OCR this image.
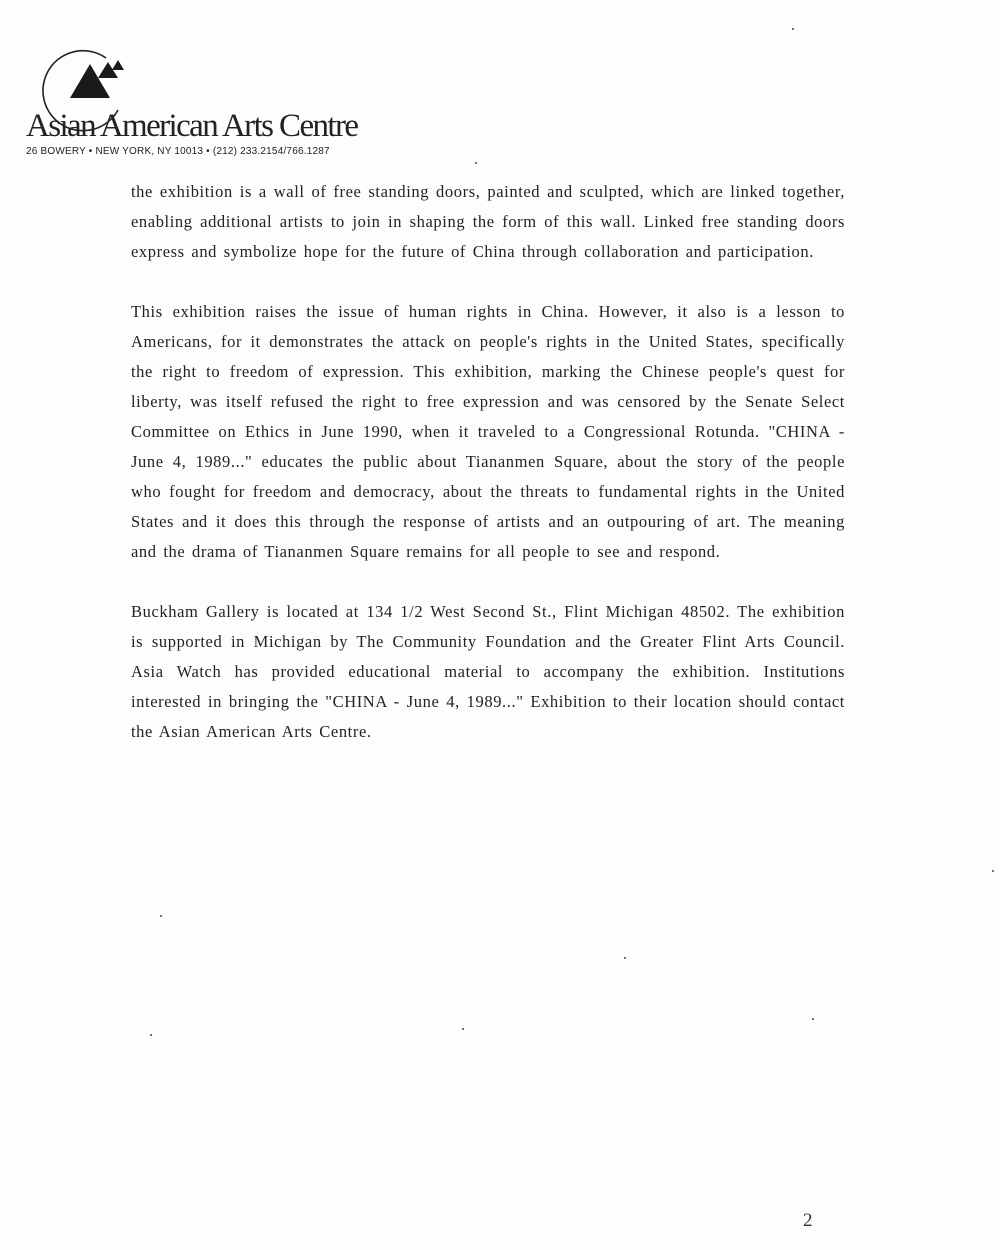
Asian American Arts Centre
26 BOWERY • NEW YORK, NY 10013 • (212) 233.2154/766.1287

the exhibition is a wall of free standing doors, painted and sculpted, which are linked together, enabling additional artists to join in shaping the form of this wall. Linked free standing doors express and symbolize hope for the future of China through collaboration and participation.

This exhibition raises the issue of human rights in China. However, it also is a lesson to Americans, for it demonstrates the attack on people's rights in the United States, specifically the right to freedom of expression. This exhibition, marking the Chinese people's quest for liberty, was itself refused the right to free expression and was censored by the Senate Select Committee on Ethics in June 1990, when it traveled to a Congressional Rotunda. "CHINA - June 4, 1989..." educates the public about Tiananmen Square, about the story of the people who fought for freedom and democracy, about the threats to fundamental rights in the United States and it does this through the response of artists and an outpouring of art. The meaning and the drama of Tiananmen Square remains for all people to see and respond.

Buckham Gallery is located at 134 1/2 West Second St., Flint Michigan 48502. The exhibition is supported in Michigan by The Community Foundation and the Greater Flint Arts Council. Asia Watch has provided educational material to accompany the exhibition. Institutions interested in bringing the "CHINA - June 4, 1989..." Exhibition to their location should contact the Asian American Arts Centre.

2
